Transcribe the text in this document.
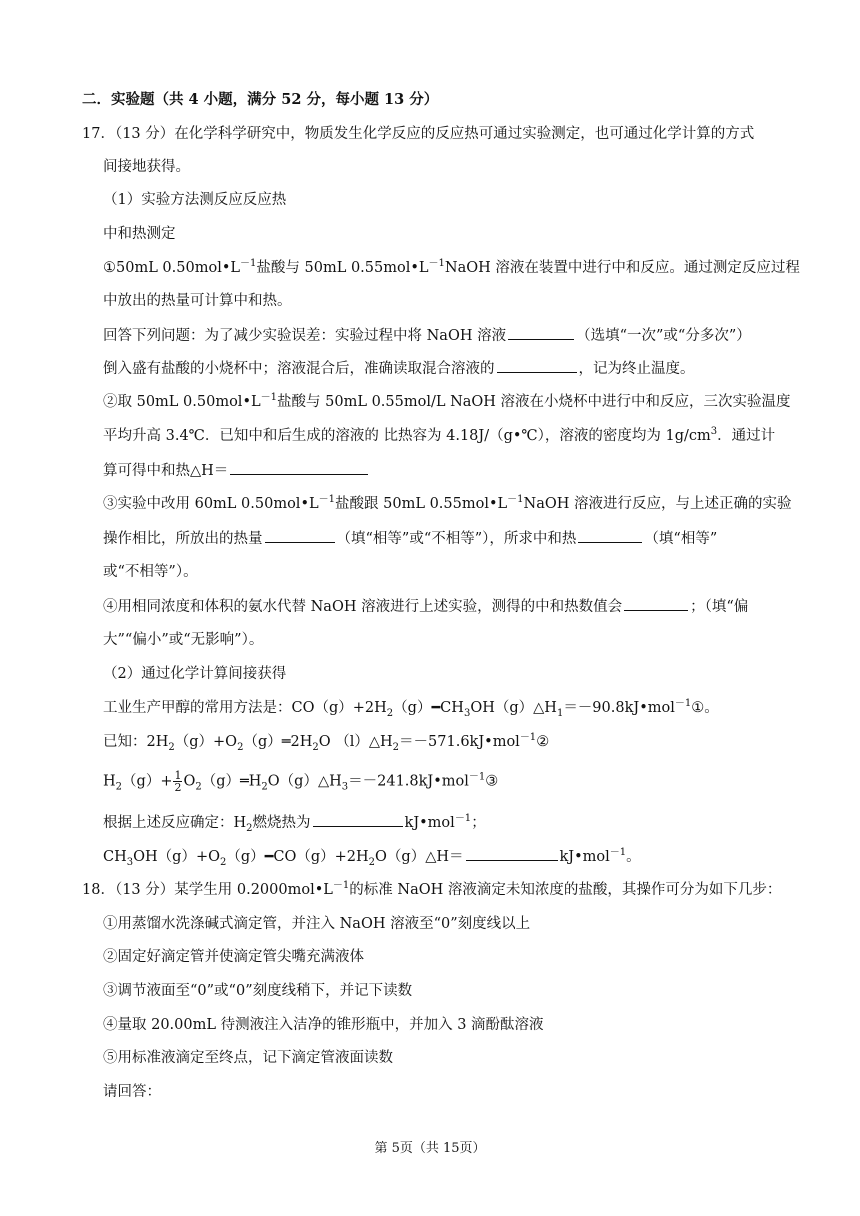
二．实验题（共 4 小题，满分 52 分，每小题 13 分）
17．（13 分）在化学科学研究中，物质发生化学反应的反应热可通过实验测定，也可通过化学计算的方式
间接地获得。
（1）实验方法测反应反应热
中和热测定
①50mL $0.50mol•L^{-1}$盐酸与 50mL $0.55mol•L^{-1}NaOH$ 溶液在装置中进行中和反应。通过测定反应过程
中放出的热量可计算中和热。
回答下列问题：为了减少实验误差：实验过程中将 NaOH 溶液	（选填“一次”或“分多次”）
倒入盛有盐酸的小烧杯中；溶液混合后，准确读取混合溶液的	，记为终止温度。
②取 50mL $0.50mol•L^{-1}$盐酸与 50mL 0.55mol/L NaOH 溶液在小烧杯中进行中和反应，三次实验温度
平均升高 3.4℃．已知中和后生成的溶液的 比热容为 4.18J/（g•℃），溶液的密度均为 $1g/cm^3$．通过计
算可得中和热△H＝
③实验中改用 60mL $0.50mol•L^{-1}$盐酸跟 50mL $0.55mol•L^{-1}NaOH$ 溶液进行反应，与上述正确的实验
操作相比，所放出的热量	（填“相等”或“不相等”），所求中和热	（填“相等”
或“不相等”）。
④用相同浓度和体积的氨水代替 NaOH 溶液进行上述实验，测得的中和热数值会	；（填“偏
大”“偏小”或“无影响”）。
（2）通过化学计算间接获得
工业生产甲醇的常用方法是：$CO(g)+2H_2(g)━CH_3OH(g)\triangle H_1=-90.8kJ•mol^{-1}①$。
已知：$2H_2(g)+O_2(g)═2H_2O$ $(l)\triangle H_2=-571.6kJ•mol^{-1}②$
$H_2(g)+ \frac{1}{2}$ $O_2(g)═H_2O(g)\triangle H_3=-241.8kJ•mol^{-1}③$
根据上述反应确定：$H_2$燃烧热为	kJ•mol$^{-1}$；
$CH_3OH(g)+O_2(g)━CO(g)+2H_2O(g)\triangle H=$	kJ•mol$^{-1}$。
18．（13 分）某学生用 $0.2000mol•L^{-1}$的标准 NaOH 溶液滴定未知浓度的盐酸，其操作可分为如下几步：
①用蒸馏水洗涤碱式滴定管，并注入 NaOH 溶液至“0”刻度线以上
②固定好滴定管并使滴定管尖嘴充满液体
③调节液面至“0”或“0”刻度线稍下，并记下读数
④量取 20.00mL 待测液注入洁净的锥形瓶中，并加入 3 滴酚酞溶液
⑤用标准液滴定至终点，记下滴定管液面读数
请回答：
第 5页（共 15页）
